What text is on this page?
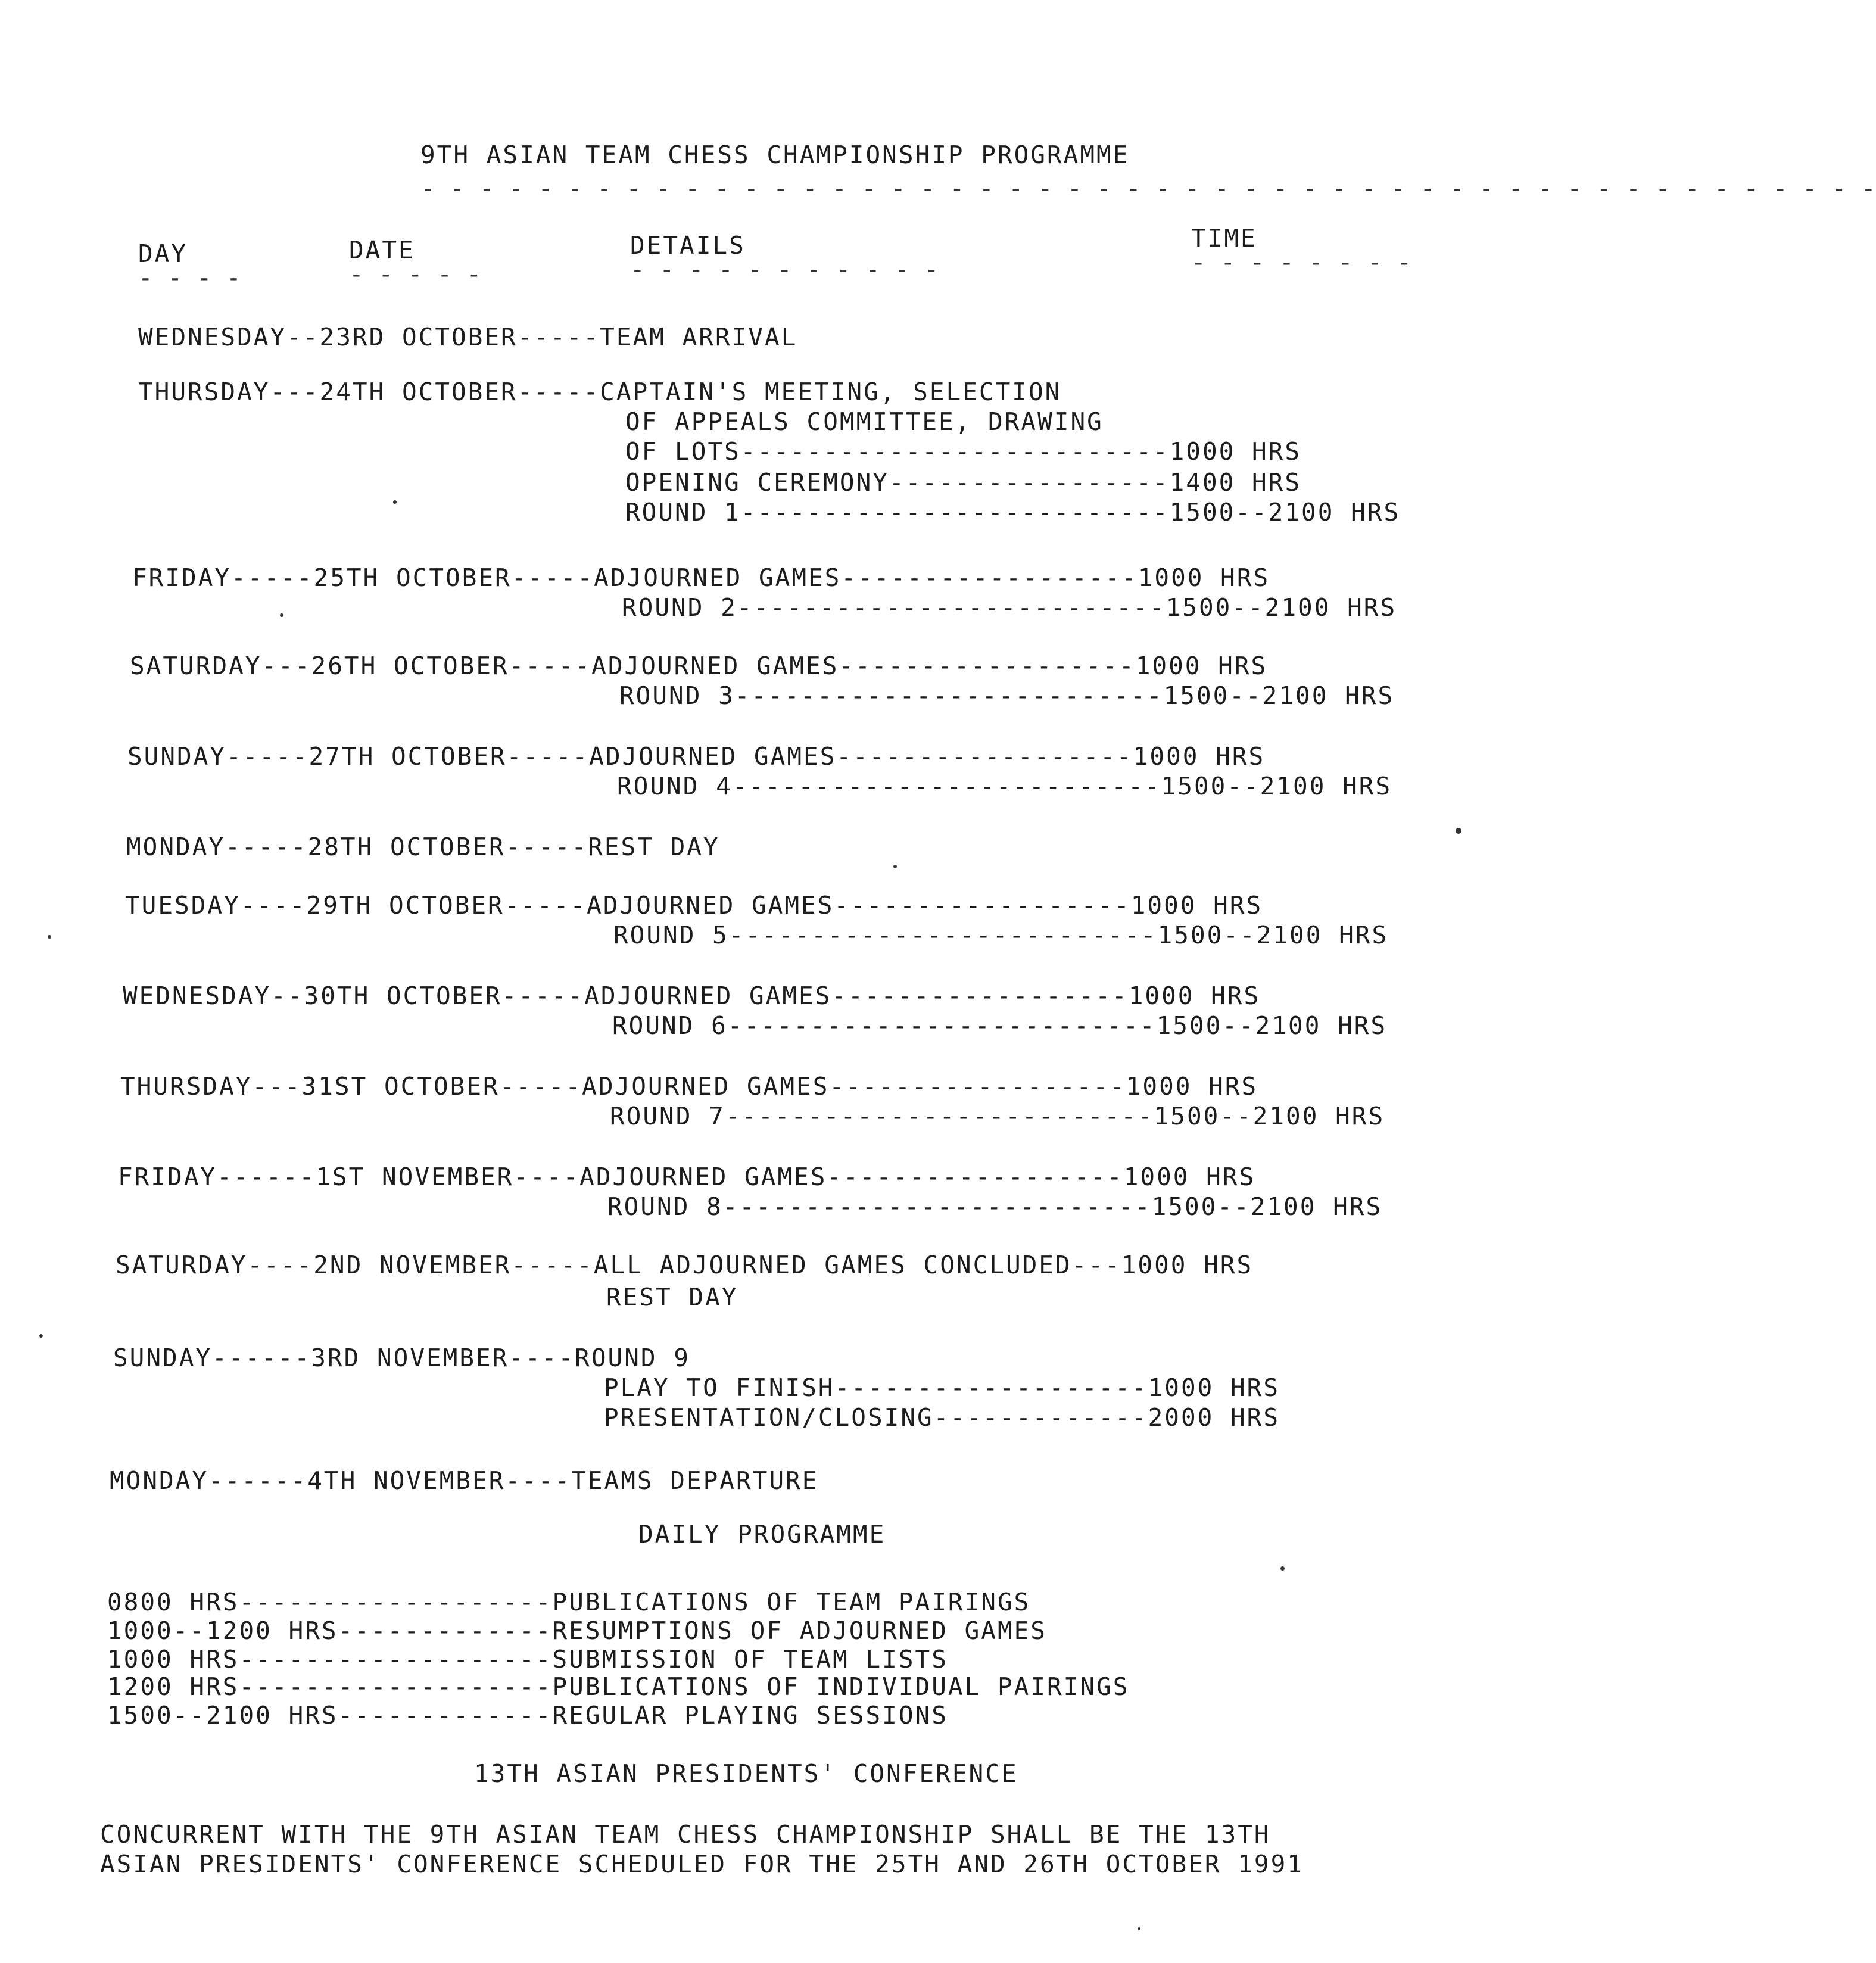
9TH ASIAN TEAM CHESS CHAMPIONSHIP PROGRAMME
- - - - - - - - - - - - - - - - - - - - - - - - - - - - - - - - - - - - - - - - - - - - - - - - - -
DAY
- - - -
DATE
- - - - -
DETAILS
- - - - - - - - - - -
TIME
- - - - - - - -
WEDNESDAY--23RD OCTOBER-----TEAM ARRIVAL
THURSDAY---24TH OCTOBER-----CAPTAIN'S MEETING, SELECTION
OF APPEALS COMMITTEE, DRAWING
OF LOTS--------------------------1000 HRS
OPENING CEREMONY-----------------1400 HRS
ROUND 1--------------------------1500--2100 HRS
FRIDAY-----25TH OCTOBER-----ADJOURNED GAMES------------------1000 HRS
ROUND 2--------------------------1500--2100 HRS
SATURDAY---26TH OCTOBER-----ADJOURNED GAMES------------------1000 HRS
ROUND 3--------------------------1500--2100 HRS
SUNDAY-----27TH OCTOBER-----ADJOURNED GAMES------------------1000 HRS
ROUND 4--------------------------1500--2100 HRS
MONDAY-----28TH OCTOBER-----REST DAY
TUESDAY----29TH OCTOBER-----ADJOURNED GAMES------------------1000 HRS
ROUND 5--------------------------1500--2100 HRS
WEDNESDAY--30TH OCTOBER-----ADJOURNED GAMES------------------1000 HRS
ROUND 6--------------------------1500--2100 HRS
THURSDAY---31ST OCTOBER-----ADJOURNED GAMES------------------1000 HRS
ROUND 7--------------------------1500--2100 HRS
FRIDAY------1ST NOVEMBER----ADJOURNED GAMES------------------1000 HRS
ROUND 8--------------------------1500--2100 HRS
SATURDAY----2ND NOVEMBER-----ALL ADJOURNED GAMES CONCLUDED---1000 HRS
REST DAY
SUNDAY------3RD NOVEMBER----ROUND 9
PLAY TO FINISH-------------------1000 HRS
PRESENTATION/CLOSING-------------2000 HRS
MONDAY------4TH NOVEMBER----TEAMS DEPARTURE
DAILY PROGRAMME
0800 HRS-------------------PUBLICATIONS OF TEAM PAIRINGS
1000--1200 HRS-------------RESUMPTIONS OF ADJOURNED GAMES
1000 HRS-------------------SUBMISSION OF TEAM LISTS
1200 HRS-------------------PUBLICATIONS OF INDIVIDUAL PAIRINGS
1500--2100 HRS-------------REGULAR PLAYING SESSIONS
13TH ASIAN PRESIDENTS' CONFERENCE
CONCURRENT WITH THE 9TH ASIAN TEAM CHESS CHAMPIONSHIP SHALL BE THE 13TH
ASIAN PRESIDENTS' CONFERENCE SCHEDULED FOR THE 25TH AND 26TH OCTOBER 1991
